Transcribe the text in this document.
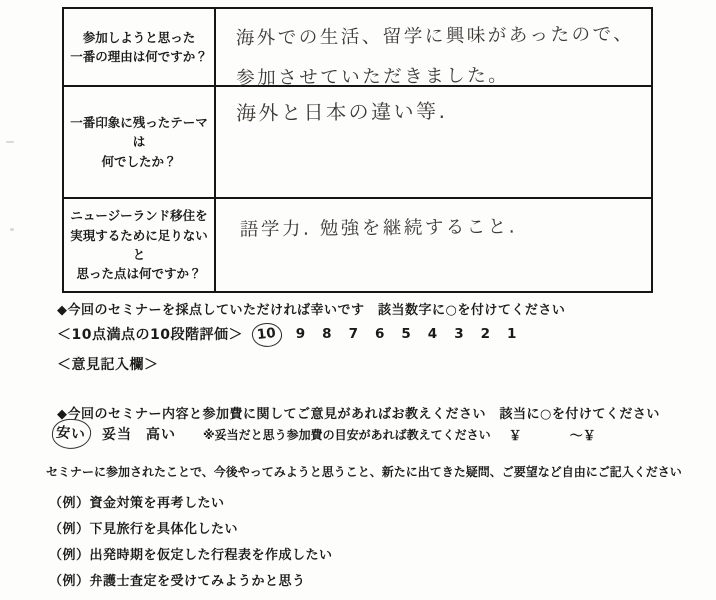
参加しようと思った
一番の理由は何ですか？
海外での生活、留学に興味があったので、
参加させていただきました。
一番印象に残ったテーマは
何でしたか？
海外と日本の違い等.
ニュージーランド移住を
実現するために足りないと
思った点は何ですか？
語学力. 勉強を継続すること.
◆今回のセミナーを採点していただければ幸いです　該当数字に○を付けてください
＜10点満点の10段階評価＞ 10 9 8 7 6 5 4 3 2 1
＜意見記入欄＞
◆今回のセミナー内容と参加費に関してご意見があればお教えください　該当に○を付けてください
安い 妥当 高い ※妥当だと思う参加費の目安があれば教えてください ￥	～￥
セミナーに参加されたことで、今後やってみようと思うこと、新たに出てきた疑問、ご要望など自由にご記入ください
（例）資金対策を再考したい
（例）下見旅行を具体化したい
（例）出発時期を仮定した行程表を作成したい
（例）弁護士査定を受けてみようかと思う
